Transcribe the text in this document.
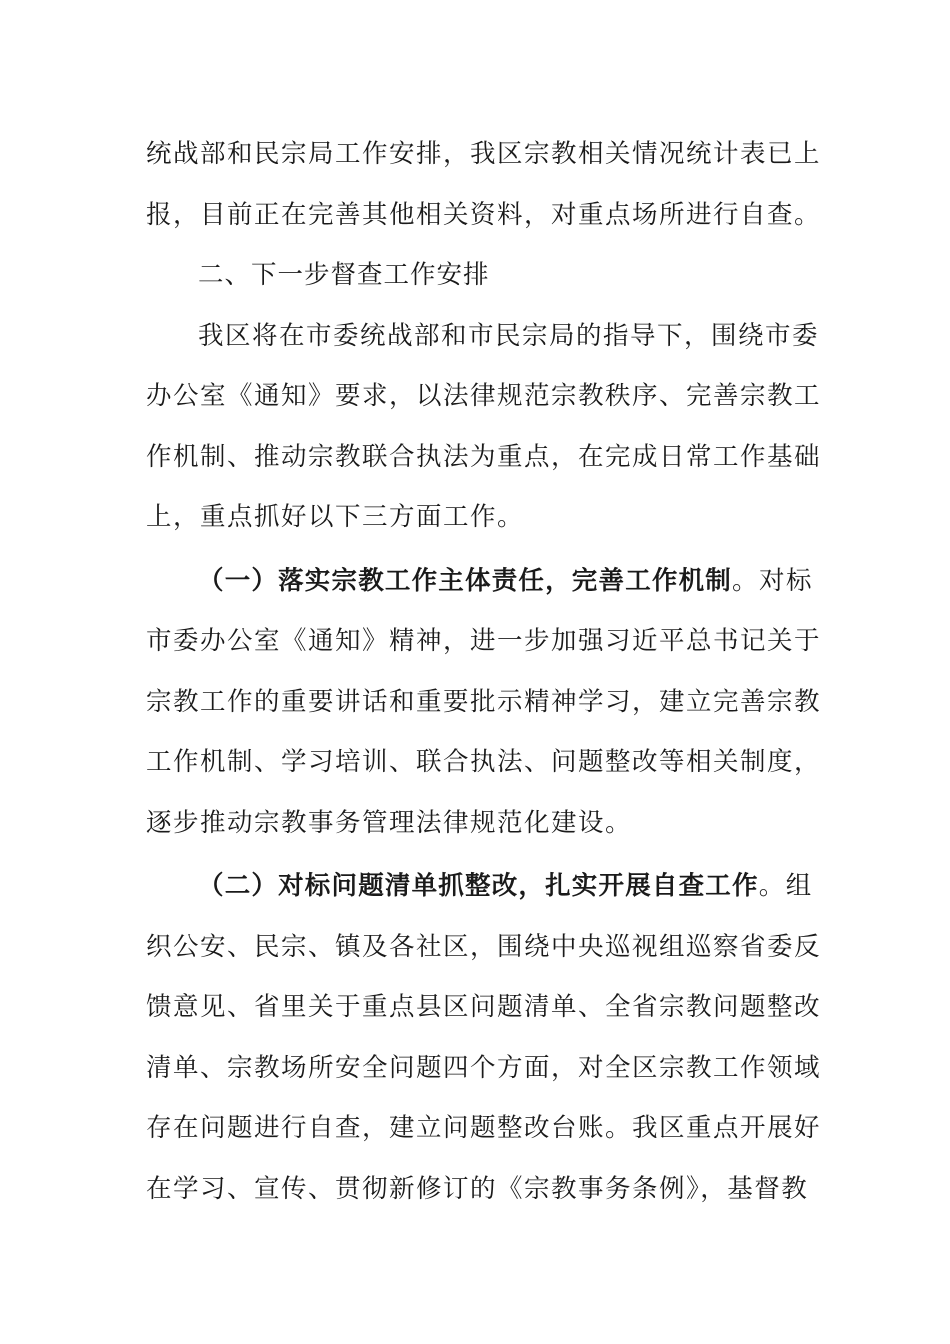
统战部和民宗局工作安排，我区宗教相关情况统计表已上
报，目前正在完善其他相关资料，对重点场所进行自查。
二、下一步督查工作安排
我区将在市委统战部和市民宗局的指导下，围绕市委
办公室《通知》要求，以法律规范宗教秩序、完善宗教工
作机制、推动宗教联合执法为重点，在完成日常工作基础
上，重点抓好以下三方面工作。
（一）落实宗教工作主体责任，完善工作机制。对标
市委办公室《通知》精神，进一步加强习近平总书记关于
宗教工作的重要讲话和重要批示精神学习，建立完善宗教
工作机制、学习培训、联合执法、问题整改等相关制度，
逐步推动宗教事务管理法律规范化建设。
（二）对标问题清单抓整改，扎实开展自查工作。组
织公安、民宗、镇及各社区，围绕中央巡视组巡察省委反
馈意见、省里关于重点县区问题清单、全省宗教问题整改
清单、宗教场所安全问题四个方面，对全区宗教工作领域
存在问题进行自查，建立问题整改台账。我区重点开展好
在学习、宣传、贯彻新修订的《宗教事务条例》，基督教
